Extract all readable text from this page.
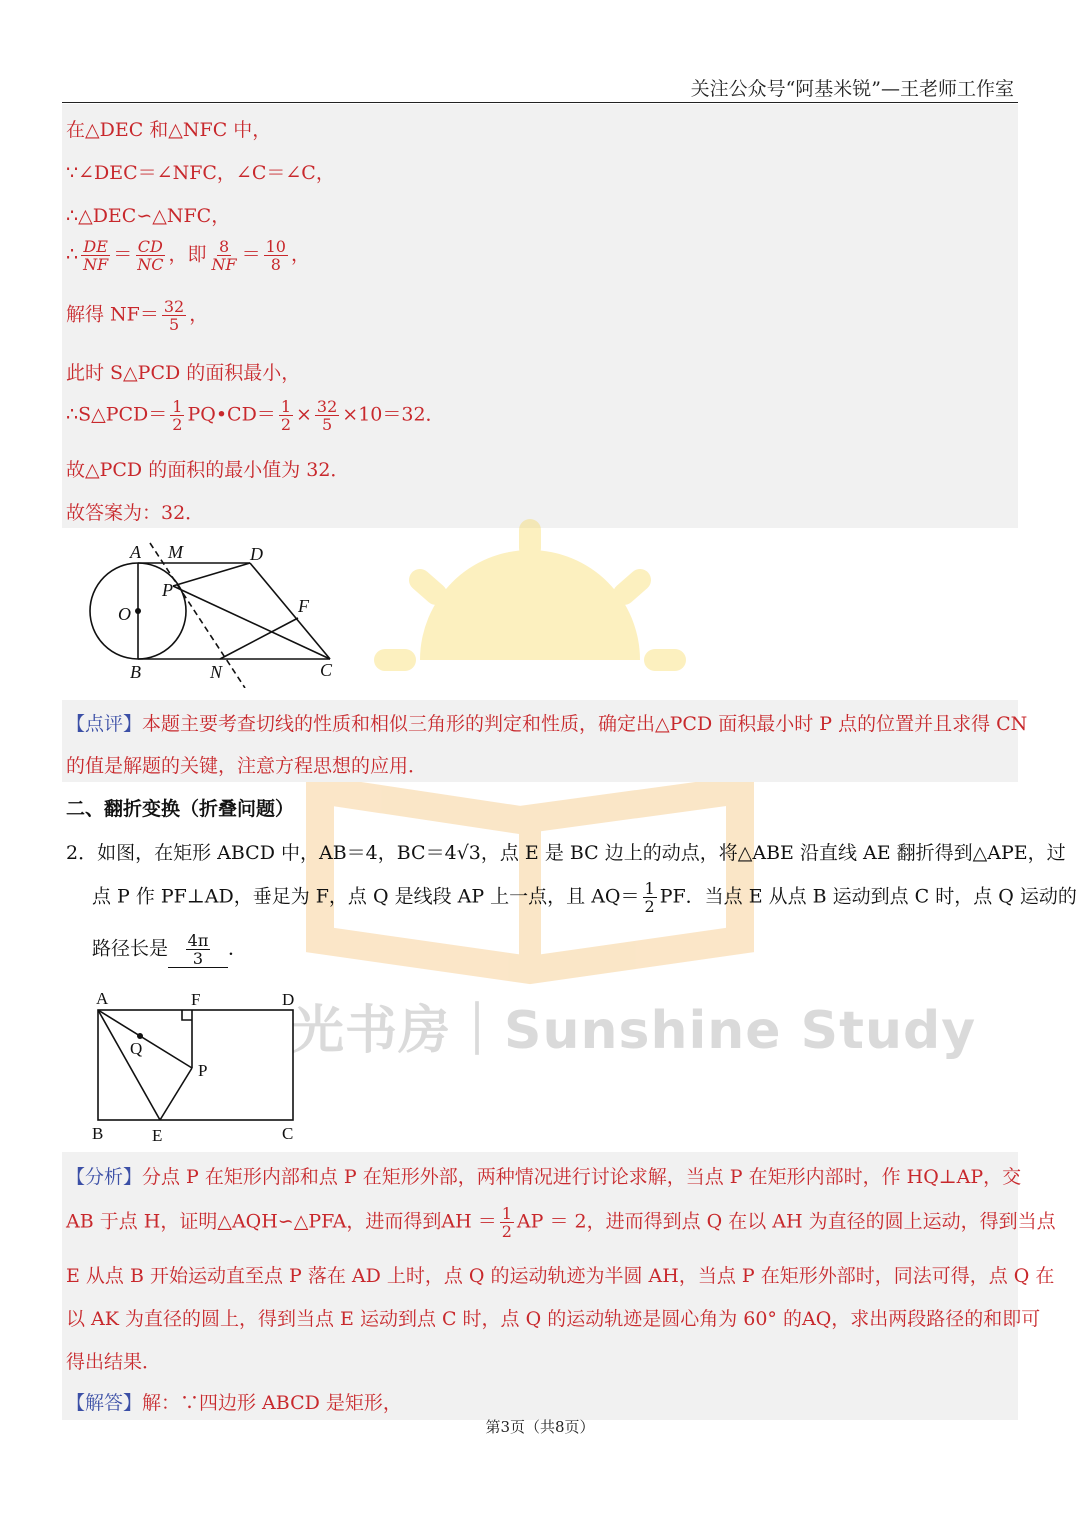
关注公众号“阿基米锐”—王老师工作室
光书房｜Sunshine Study
在△DEC 和△NFC 中，
∵∠DEC＝∠NFC，∠C＝∠C，
∴△DEC∽△NFC，
∴ $\frac{DE}{NF} = \frac{CD}{NC}$ ，即 $\frac{8}{NF} = \frac{10}{8}$ ，
解得 $NF= \frac{32}{5}$ ，
此时 S△PCD 的面积最小，
∴S△PCD＝ $\frac{1}{2}$ PQ•CD＝ $\frac{1}{2} \times \frac{32}{5} \times 10=32$．
故△PCD 的面积的最小值为 32．
故答案为：32．
A M	D
P
O	F
B	N	C
【点评】本题主要考查切线的性质和相似三角形的判定和性质，确定出△PCD 面积最小时 P 点的位置并且求得 CN
的值是解题的关键，注意方程思想的应用．
二、翻折变换（折叠问题）
2．如图，在矩形 ABCD 中，AB＝4，BC＝4√3，点 E 是 BC 边上的动点，将△ABE 沿直线 AE 翻折得到△APE，过
点 P 作 PF⊥AD，垂足为 F，点 Q 是线段 AP 上一点，且 $AQ= \frac{1}{2}$ PF．当点 E 从点 B 运动到点 C 时，点 Q 运动的
路径长是 $\frac{4\pi}{3}$ ．
A	F	D
Q
P
B	E	C
【分析】分点 P 在矩形内部和点 P 在矩形外部，两种情况进行讨论求解，当点 P 在矩形内部时，作 HQ⊥AP，交
AB 于点 H，证明△AQH∽△PFA，进而得到AH ＝ $\frac{1}{2}$ AP ＝ 2，进而得到点 Q 在以 AH 为直径的圆上运动，得到当点
E 从点 B 开始运动直至点 P 落在 AD 上时，点 Q 的运动轨迹为半圆 AH，当点 P 在矩形外部时，同法可得，点 Q 在
以 AK 为直径的圆上，得到当点 E 运动到点 C 时，点 Q 的运动轨迹是圆心角为 60° 的AQ，求出两段路径的和即可
得出结果．
【解答】解：∵四边形 ABCD 是矩形，
第3页（共8页）
